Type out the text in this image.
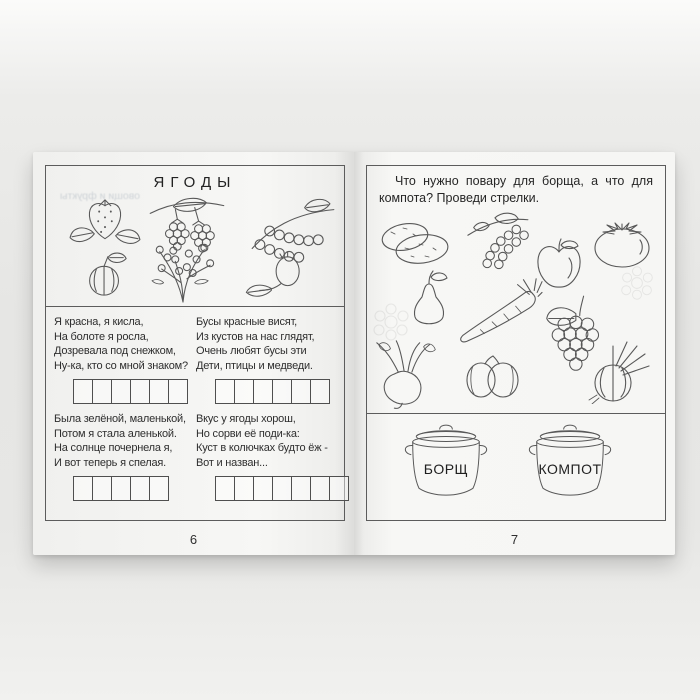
овощи и фрукты
ЯГОДЫ
Я красна, я кисла,
На болоте я росла,
Дозревала под снежком,
Ну-ка, кто со мной знаком?
Бусы красные висят,
Из кустов на нас глядят,
Очень любят бусы эти
Дети, птицы и медведи.
Была зелёной, маленькой,
Потом я стала аленькой.
На солнце почернела я,
И вот теперь я спелая.
Вкус у ягоды хорош,
Но сорви её поди-ка:
Куст в колючках будто ёж -
Вот и назван...
6
Что нужно повару для борща, а что для компота? Проведи стрелки.
БОРЩ	КОМПОТ
7
